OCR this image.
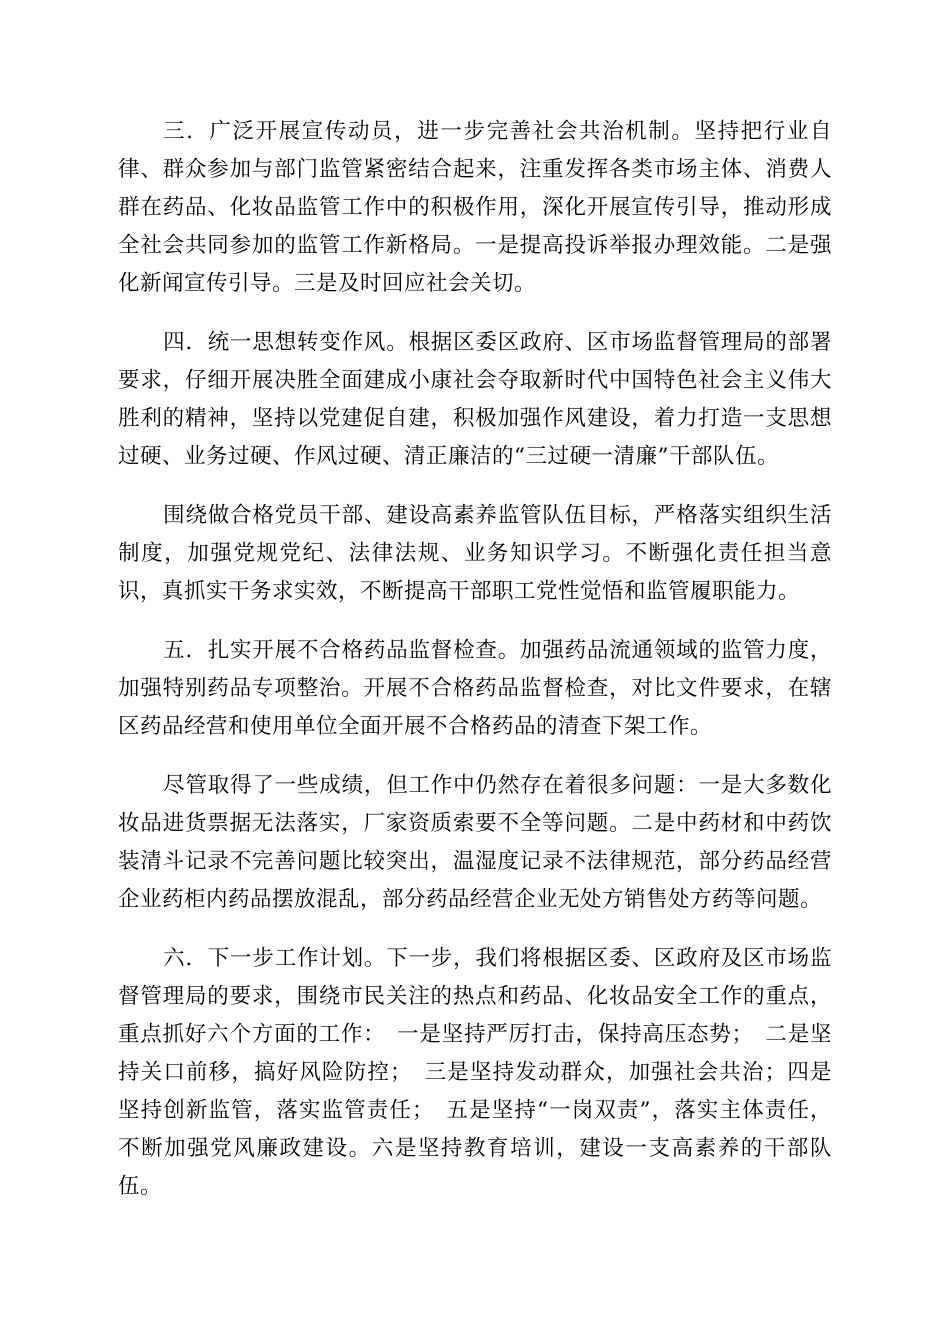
三．广泛开展宣传动员，进一步完善社会共治机制。坚持把行业自律、群众参加与部门监管紧密结合起来，注重发挥各类市场主体、消费人群在药品、化妆品监管工作中的积极作用，深化开展宣传引导，推动形成全社会共同参加的监管工作新格局。一是提高投诉举报办理效能。二是强化新闻宣传引导。三是及时回应社会关切。

四．统一思想转变作风。根据区委区政府、区市场监督管理局的部署要求，仔细开展决胜全面建成小康社会夺取新时代中国特色社会主义伟大胜利的精神，坚持以党建促自建，积极加强作风建设，着力打造一支思想过硬、业务过硬、作风过硬、清正廉洁的“三过硬一清廉”干部队伍。

围绕做合格党员干部、建设高素养监管队伍目标，严格落实组织生活制度，加强党规党纪、法律法规、业务知识学习。不断强化责任担当意识，真抓实干务求实效，不断提高干部职工党性觉悟和监管履职能力。

五．扎实开展不合格药品监督检查。加强药品流通领域的监管力度，加强特别药品专项整治。开展不合格药品监督检查，对比文件要求，在辖区药品经营和使用单位全面开展不合格药品的清查下架工作。

尽管取得了一些成绩，但工作中仍然存在着很多问题：一是大多数化妆品进货票据无法落实，厂家资质索要不全等问题。二是中药材和中药饮装清斗记录不完善问题比较突出，温湿度记录不法律规范，部分药品经营企业药柜内药品摆放混乱，部分药品经营企业无处方销售处方药等问题。

六．下一步工作计划。下一步，我们将根据区委、区政府及区市场监督管理局的要求，围绕市民关注的热点和药品、化妆品安全工作的重点，重点抓好六个方面的工作：　一是坚持严厉打击，保持高压态势；　二是坚持关口前移，搞好风险防控；　三是坚持发动群众，加强社会共治；四是坚持创新监管，落实监管责任；　五是坚持“一岗双责”，落实主体责任，不断加强党风廉政建设。六是坚持教育培训，建设一支高素养的干部队伍。
